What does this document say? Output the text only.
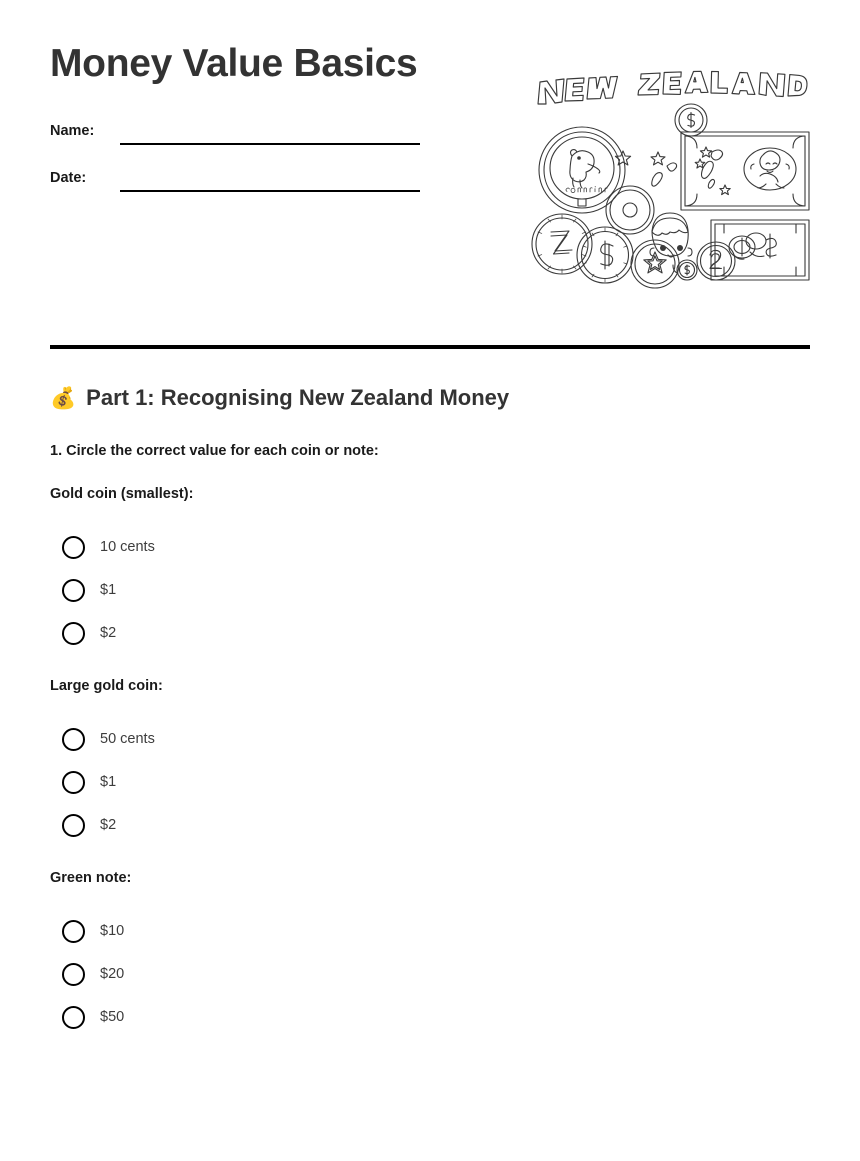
Money Value Basics
Name:
Date:
💰 Part 1: Recognising New Zealand Money
1. Circle the correct value for each coin or note:
Gold coin (smallest):
10 cents
$1
$2
Large gold coin:
50 cents
$1
$2
Green note:
$10
$20
$50
